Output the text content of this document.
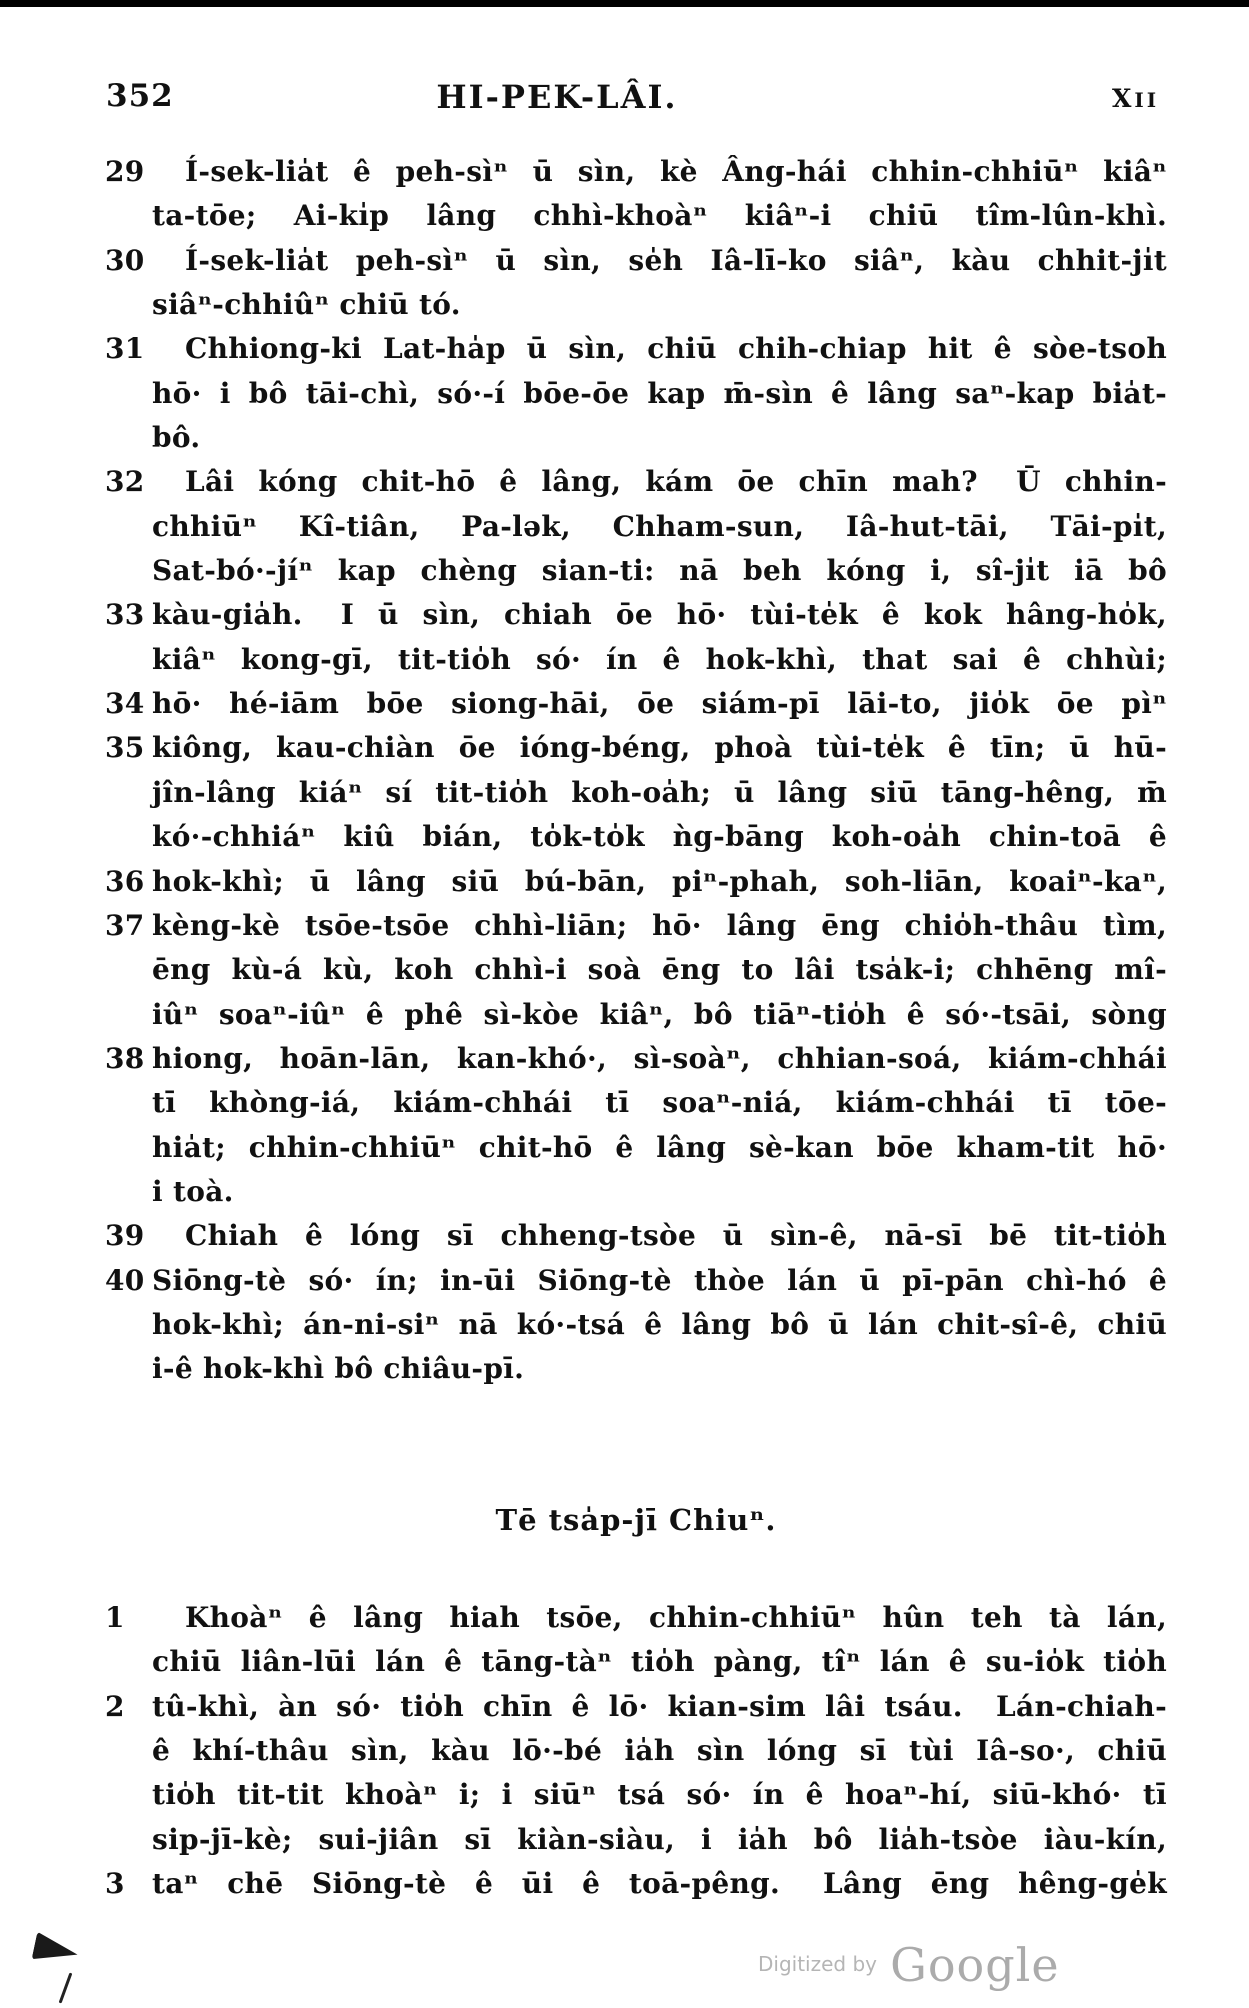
352	HI-PEK-LÂI.	XII
29 Í-sek-lia̍t ê peh-sìⁿ ū sìn, kè Âng-hái chhin-chhiūⁿ kiâⁿ
ta-tōe; Ai-ki̍p lâng chhì-khoàⁿ kiâⁿ-i chiū tîm-lûn-khì.
30 Í-sek-lia̍t peh-sìⁿ ū sìn, se̍h Iâ-lī-ko siâⁿ, kàu chhit-ji̍t
siâⁿ-chhiûⁿ chiū tó.
31 Chhiong-ki Lat-ha̍p ū sìn, chiū chih-chiap hit ê sòe-tsoh
hō· i bô tāi-chì, só·-í bōe-ōe kap m̄-sìn ê lâng saⁿ-kap bia̍t-
bô.
32 Lâi kóng chit-hō ê lâng, kám ōe chīn mah?  Ū chhin-
chhiūⁿ Kî-tiân, Pa-lək, Chham-sun, Iâ-hut-tāi, Tāi-pi̍t,
Sat-bó·-jíⁿ kap chèng sian-ti: nā beh kóng i, sî-ji̍t iā bô
33 kàu-gia̍h.  I ū sìn, chiah ōe hō· tùi-te̍k ê kok hâng-ho̍k,
kiâⁿ kong-gī, tit-tio̍h só· ín ê hok-khì, that sai ê chhùi;
34 hō· hé-iām bōe siong-hāi, ōe siám-pī lāi-to, jio̍k ōe pìⁿ
35 kiông, kau-chiàn ōe ióng-béng, phoà tùi-te̍k ê tīn; ū hū-
jîn-lâng kiáⁿ sí tit-tio̍h koh-oa̍h; ū lâng siū tāng-hêng, m̄
kó·-chhiáⁿ kiû bián, to̍k-to̍k ǹg-bāng koh-oa̍h chin-toā ê
36 hok-khì; ū lâng siū bú-bān, piⁿ-phah, soh-liān, koaiⁿ-kaⁿ,
37 kèng-kè tsōe-tsōe chhì-liān; hō· lâng ēng chio̍h-thâu tìm,
ēng kù-á kù, koh chhì-i soà ēng to lâi tsa̍k-i; chhēng mî-
iûⁿ soaⁿ-iûⁿ ê phê sì-kòe kiâⁿ, bô tiāⁿ-tio̍h ê só·-tsāi, sòng
38 hiong, hoān-lān, kan-khó·, sì-soàⁿ, chhian-soá, kiám-chhái
tī khòng-iá, kiám-chhái tī soaⁿ-niá, kiám-chhái tī tōe-
hia̍t; chhin-chhiūⁿ chit-hō ê lâng sè-kan bōe kham-tit hō·
i toà.
39 Chiah ê lóng sī chheng-tsòe ū sìn-ê, nā-sī bē tit-tio̍h
40 Siōng-tè só· ín; in-ūi Siōng-tè thòe lán ū pī-pān chì-hó ê
hok-khì; án-ni-siⁿ nā kó·-tsá ê lâng bô ū lán chit-sî-ê, chiū
i-ê hok-khì bô chiâu-pī.
Tē tsa̍p-jī Chiuⁿ.
1 Khoàⁿ ê lâng hiah tsōe, chhin-chhiūⁿ hûn teh tà lán,
chiū liân-lūi lán ê tāng-tàⁿ tio̍h pàng, tîⁿ lán ê su-io̍k tio̍h
2 tû-khì, àn só· tio̍h chīn ê lō· kian-sim lâi tsáu.  Lán-chiah-
ê khí-thâu sìn, kàu lō·-bé ia̍h sìn lóng sī tùi Iâ-so·, chiū
tio̍h tit-tit khoàⁿ i; i siūⁿ tsá só· ín ê hoaⁿ-hí, siū-khó· tī
sip-jī-kè; sui-jiân sī kiàn-siàu, i ia̍h bô lia̍h-tsòe iàu-kín,
3 taⁿ chē Siōng-tè ê ūi ê toā-pêng.  Lâng ēng hêng-ge̍k
Digitized by Google
